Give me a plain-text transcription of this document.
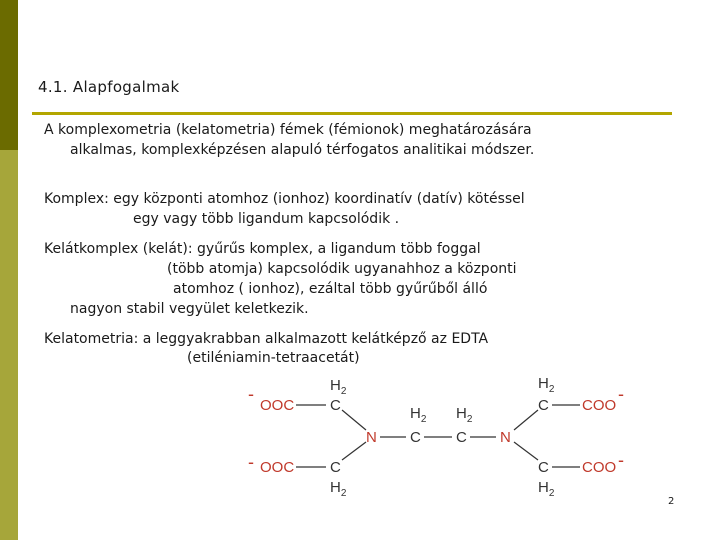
4.1. Alapfogalmak
A komplexometria (kelatometria) fémek (fémionok) meghatározására
alkalmas, komplexképzésen alapuló térfogatos analitikai módszer.
Komplex: egy központi atomhoz (ionhoz) koordinatív (datív) kötéssel
egy vagy több ligandum kapcsolódik .
Kelátkomplex (kelát): gyűrűs komplex, a ligandum több foggal
(több atomja) kapcsolódik ugyanahhoz a központi
atomhoz ( ionhoz), ezáltal több gyűrűből álló
nagyon stabil vegyület keletkezik.
Kelatometria: a leggyakrabban alkalmazott kelátképző az EDTA
(etiléniamin-tetraacetát)
-
OOC C
$H_2$
- OOC C
$H_2$
N C
$H_2$
C
$H_2$
N
C
$H_2$
COO
-
C
$H_2$
COO -
2
